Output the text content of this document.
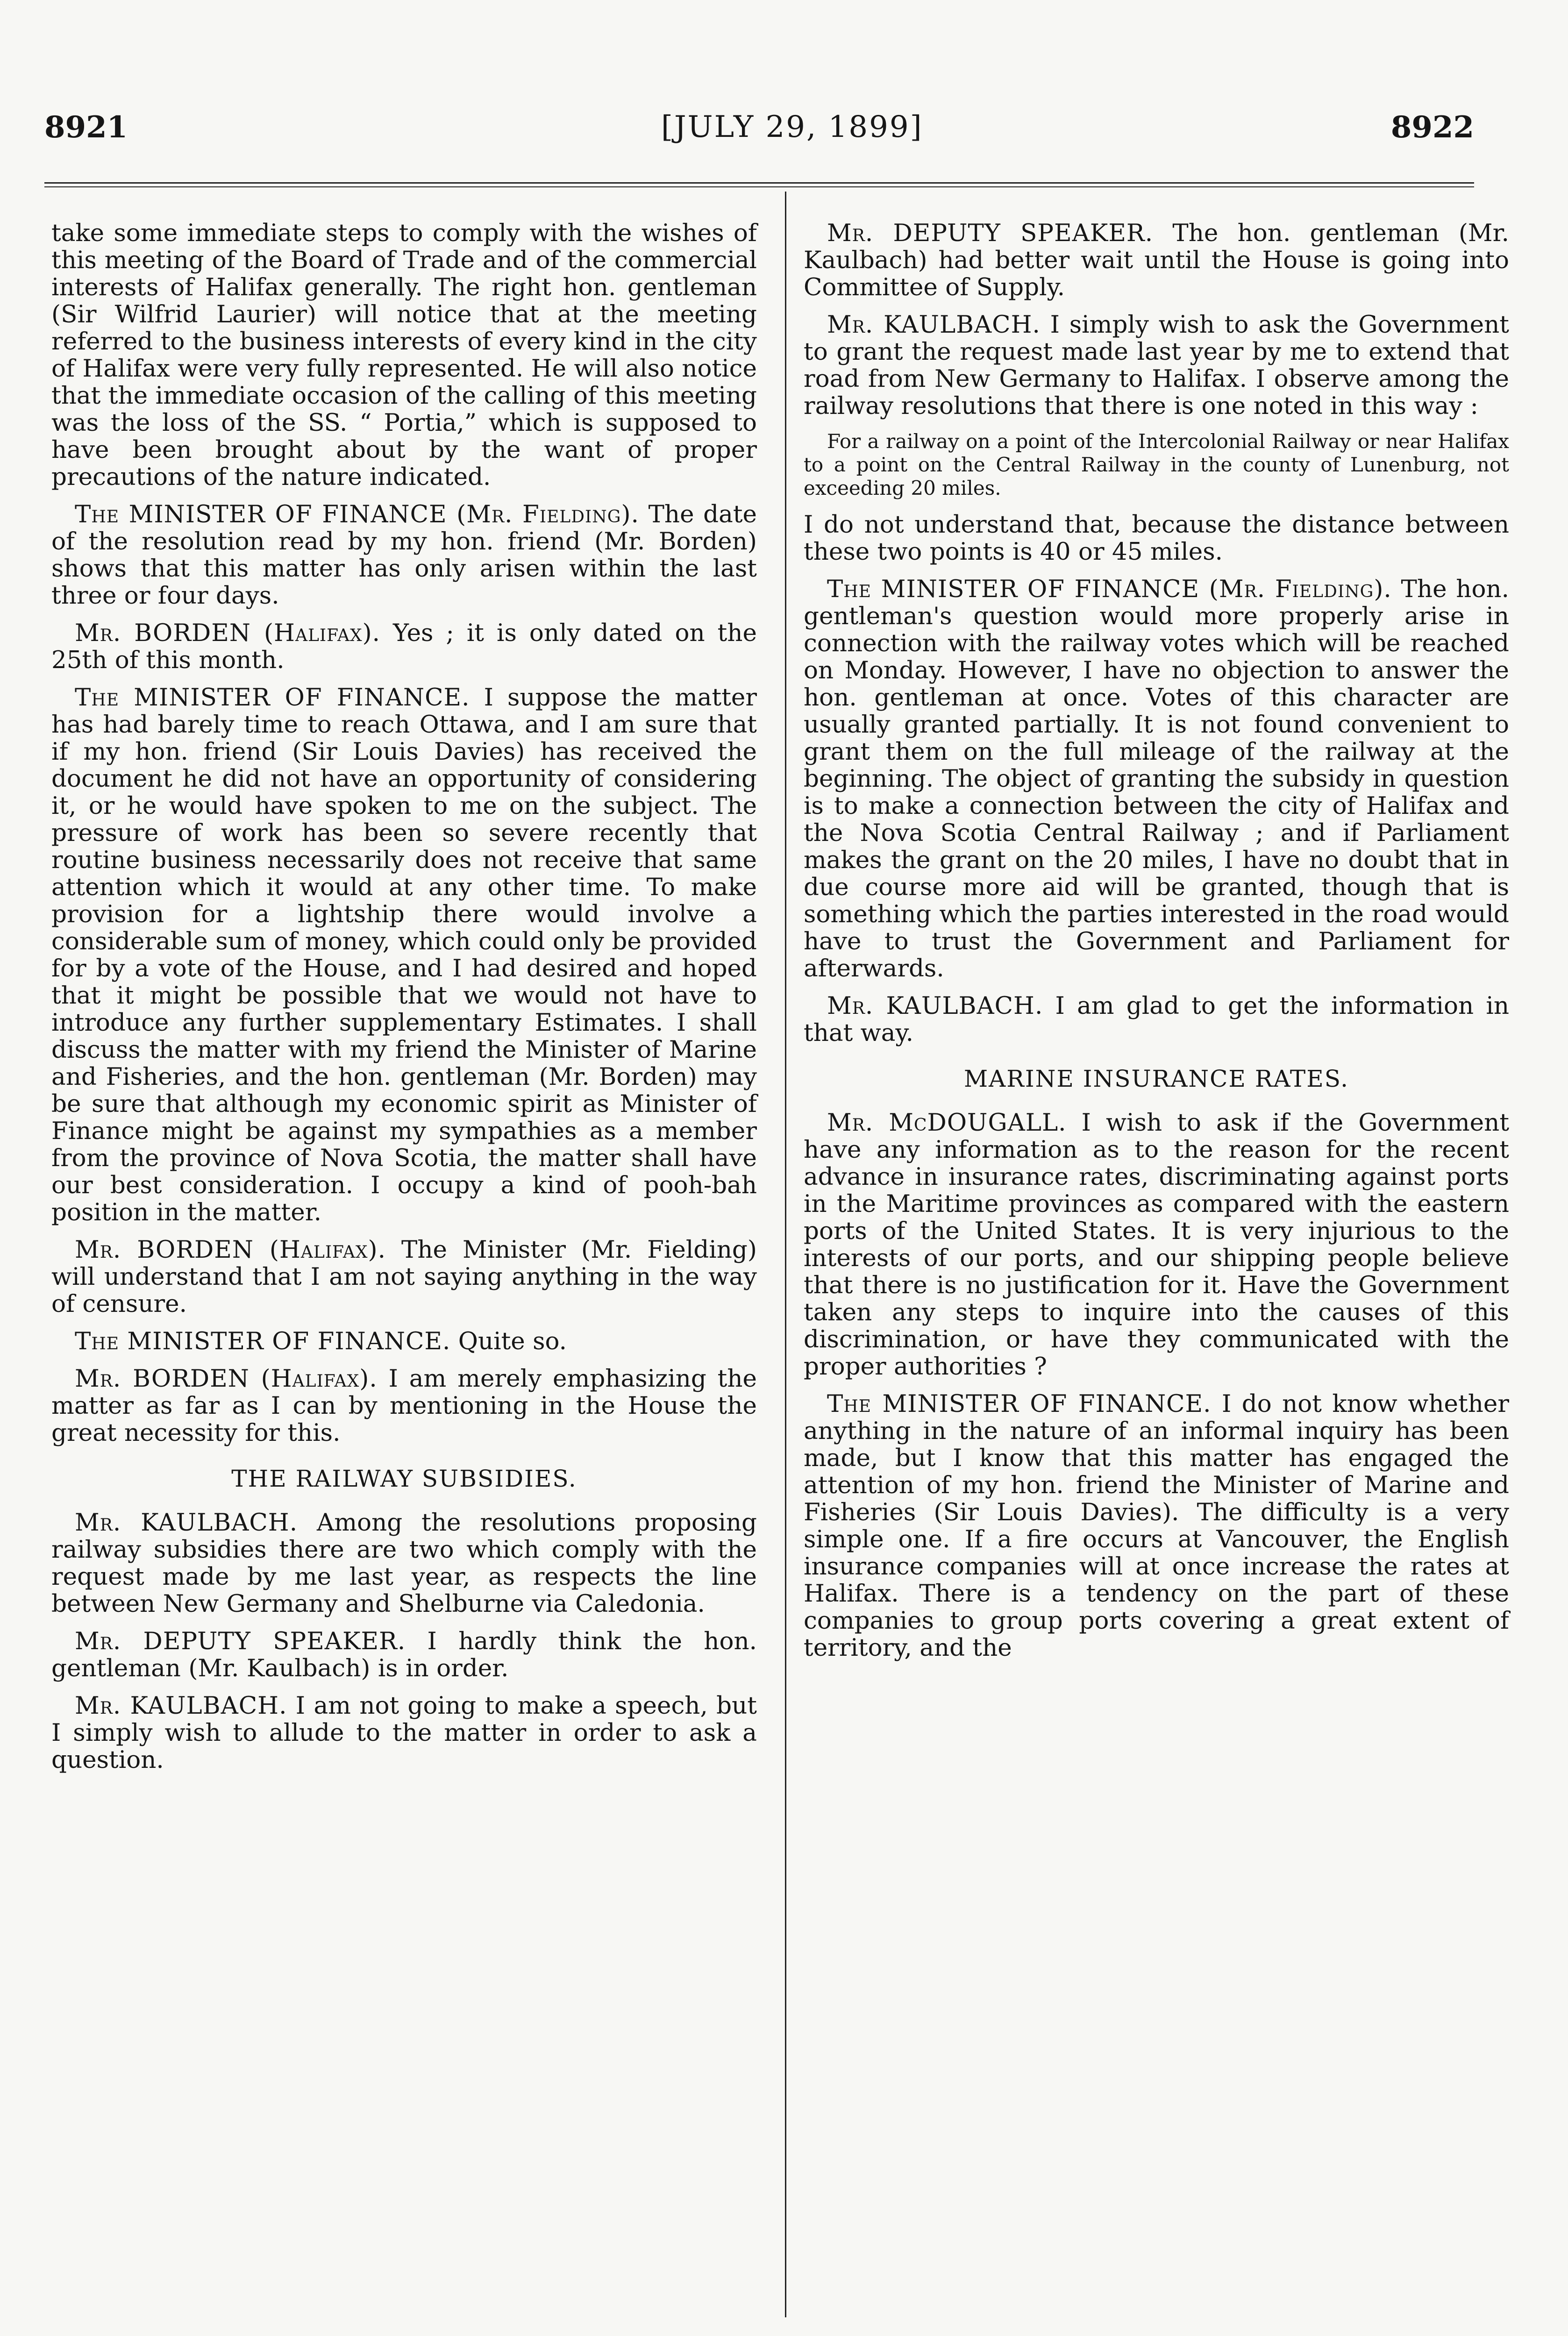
8921	[JULY 29, 1899]	8922

take some immediate steps to comply with the wishes of this meeting of the Board of Trade and of the commercial interests of Halifax generally. The right hon. gentleman (Sir Wilfrid Laurier) will notice that at the meeting referred to the business interests of every kind in the city of Halifax were very fully represented. He will also notice that the immediate occasion of the calling of this meeting was the loss of the SS. “ Portia,” which is supposed to have been brought about by the want of proper precautions of the nature indicated.

The MINISTER OF FINANCE (Mr. Fielding). The date of the resolution read by my hon. friend (Mr. Borden) shows that this matter has only arisen within the last three or four days.

Mr. BORDEN (Halifax). Yes ; it is only dated on the 25th of this month.

The MINISTER OF FINANCE. I suppose the matter has had barely time to reach Ottawa, and I am sure that if my hon. friend (Sir Louis Davies) has received the document he did not have an opportunity of considering it, or he would have spoken to me on the subject. The pressure of work has been so severe recently that routine business necessarily does not receive that same attention which it would at any other time. To make provision for a lightship there would involve a considerable sum of money, which could only be provided for by a vote of the House, and I had desired and hoped that it might be possible that we would not have to introduce any further supplementary Estimates. I shall discuss the matter with my friend the Minister of Marine and Fisheries, and the hon. gentleman (Mr. Borden) may be sure that although my economic spirit as Minister of Finance might be against my sympathies as a member from the province of Nova Scotia, the matter shall have our best consideration. I occupy a kind of pooh-bah position in the matter.

Mr. BORDEN (Halifax). The Minister (Mr. Fielding) will understand that I am not saying anything in the way of censure.

The MINISTER OF FINANCE. Quite so.

Mr. BORDEN (Halifax). I am merely emphasizing the matter as far as I can by mentioning in the House the great necessity for this.

THE RAILWAY SUBSIDIES.

Mr. KAULBACH. Among the resolutions proposing railway subsidies there are two which comply with the request made by me last year, as respects the line between New Germany and Shelburne via Caledonia.

Mr. DEPUTY SPEAKER. I hardly think the hon. gentleman (Mr. Kaulbach) is in order.

Mr. KAULBACH. I am not going to make a speech, but I simply wish to allude to the matter in order to ask a question.

Mr. DEPUTY SPEAKER. The hon. gentleman (Mr. Kaulbach) had better wait until the House is going into Committee of Supply.

Mr. KAULBACH. I simply wish to ask the Government to grant the request made last year by me to extend that road from New Germany to Halifax. I observe among the railway resolutions that there is one noted in this way :

For a railway on a point of the Intercolonial Railway or near Halifax to a point on the Central Railway in the county of Lunenburg, not exceeding 20 miles.

I do not understand that, because the distance between these two points is 40 or 45 miles.

The MINISTER OF FINANCE (Mr. Fielding). The hon. gentleman's question would more properly arise in connection with the railway votes which will be reached on Monday. However, I have no objection to answer the hon. gentleman at once. Votes of this character are usually granted partially. It is not found convenient to grant them on the full mileage of the railway at the beginning. The object of granting the subsidy in question is to make a connection between the city of Halifax and the Nova Scotia Central Railway ; and if Parliament makes the grant on the 20 miles, I have no doubt that in due course more aid will be granted, though that is something which the parties interested in the road would have to trust the Government and Parliament for afterwards.

Mr. KAULBACH. I am glad to get the information in that way.

MARINE INSURANCE RATES.

Mr. McDOUGALL. I wish to ask if the Government have any information as to the reason for the recent advance in insurance rates, discriminating against ports in the Maritime provinces as compared with the eastern ports of the United States. It is very injurious to the interests of our ports, and our shipping people believe that there is no justification for it. Have the Government taken any steps to inquire into the causes of this discrimination, or have they communicated with the proper authorities ?

The MINISTER OF FINANCE. I do not know whether anything in the nature of an informal inquiry has been made, but I know that this matter has engaged the attention of my hon. friend the Minister of Marine and Fisheries (Sir Louis Davies). The difficulty is a very simple one. If a fire occurs at Vancouver, the English insurance companies will at once increase the rates at Halifax. There is a tendency on the part of these companies to group ports covering a great extent of territory, and the
